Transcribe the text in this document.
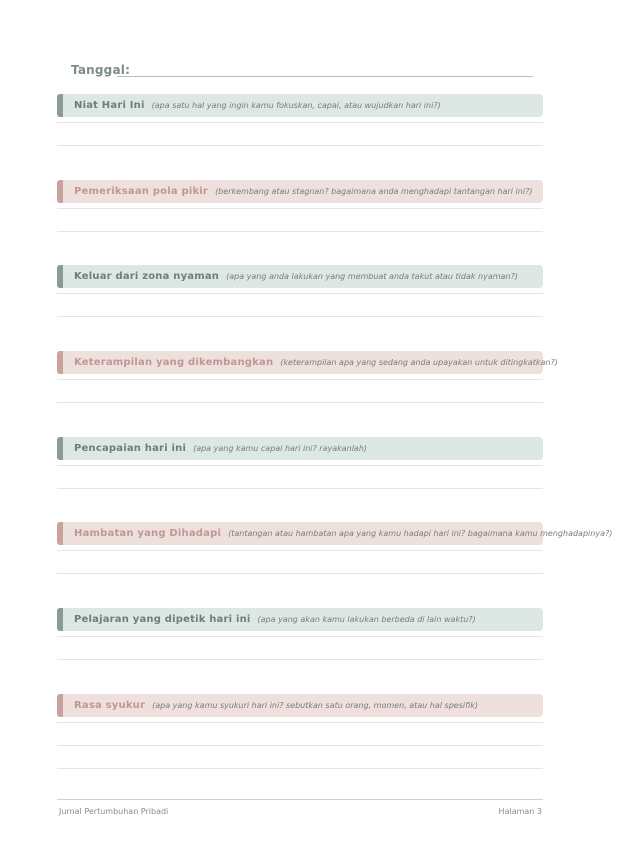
Tanggal:
Niat Hari Ini (apa satu hal yang ingin kamu fokuskan, capai, atau wujudkan hari ini?)
Pemeriksaan pola pikir (berkembang atau stagnan? bagaimana anda menghadapi tantangan hari ini?)
Keluar dari zona nyaman (apa yang anda lakukan yang membuat anda takut atau tidak nyaman?)
Keterampilan yang dikembangkan (keterampilan apa yang sedang anda upayakan untuk ditingkatkan?)
Pencapaian hari ini (apa yang kamu capai hari ini? rayakanlah)
Hambatan yang Dihadapi (tantangan atau hambatan apa yang kamu hadapi hari ini? bagaimana kamu menghadapinya?)
Pelajaran yang dipetik hari ini (apa yang akan kamu lakukan berbeda di lain waktu?)
Rasa syukur (apa yang kamu syukuri hari ini? sebutkan satu orang, momen, atau hal spesifik)
Jurnal Pertumbuhan Pribadi	Halaman 3
